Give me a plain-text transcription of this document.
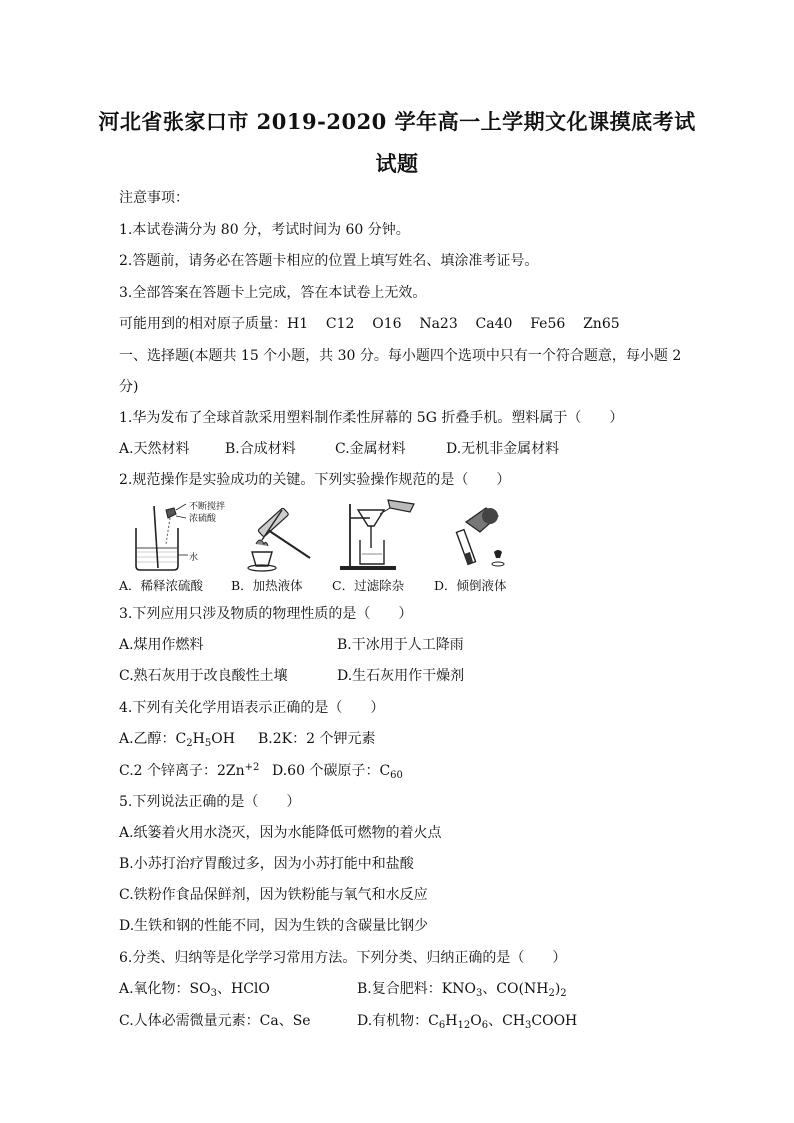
河北省张家口市 2019-2020 学年高一上学期文化课摸底考试
试题
注意事项：
1.本试卷满分为 80 分，考试时间为 60 分钟。
2.答题前，请务必在答题卡相应的位置上填写姓名、填涂准考证号。
3.全部答案在答题卡上完成，答在本试卷上无效。
可能用到的相对原子质量：H1    C12    O16    Na23    Ca40    Fe56    Zn65
一、选择题(本题共 15 个小题，共 30 分。每小题四个选项中只有一个符合题意，每小题 2
分)
1.华为发布了全球首款采用塑料制作柔性屏幕的 5G 折叠手机。塑料属于（　　）
A.天然材料	B.合成材料	C.金属材料	D.无机非金属材料
2.规范操作是实验成功的关键。下列实验操作规范的是（　　）
不断搅拌
浓硫酸
水
A．稀释浓硫酸 B．加热液体 C．过滤除杂 D．倾倒液体
3.下列应用只涉及物质的物理性质的是（　　）
A.煤用作燃料	B.干冰用于人工降雨
C.熟石灰用于改良酸性土壤	D.生石灰用作干燥剂
4.下列有关化学用语表示正确的是（　　）
A.乙醇：$C_2H_5OH$ B.2K：2 个钾元素
C.2 个锌离子：$2Zn^{+2}$ D.60 个碳原子：$C_{60}$
5.下列说法正确的是（　　）
A.纸篓着火用水浇灭，因为水能降低可燃物的着火点
B.小苏打治疗胃酸过多，因为小苏打能中和盐酸
C.铁粉作食品保鲜剂，因为铁粉能与氧气和水反应
D.生铁和钢的性能不同，因为生铁的含碳量比钢少
6.分类、归纳等是化学学习常用方法。下列分类、归纳正确的是（　　）
A.氧化物：$SO_3$、HClO	B.复合肥料：$KNO_3$、$CO(NH_2)_2$
C.人体必需微量元素：Ca、Se	D.有机物：$C_6H_{12}O_6$、$CH_3COOH$
